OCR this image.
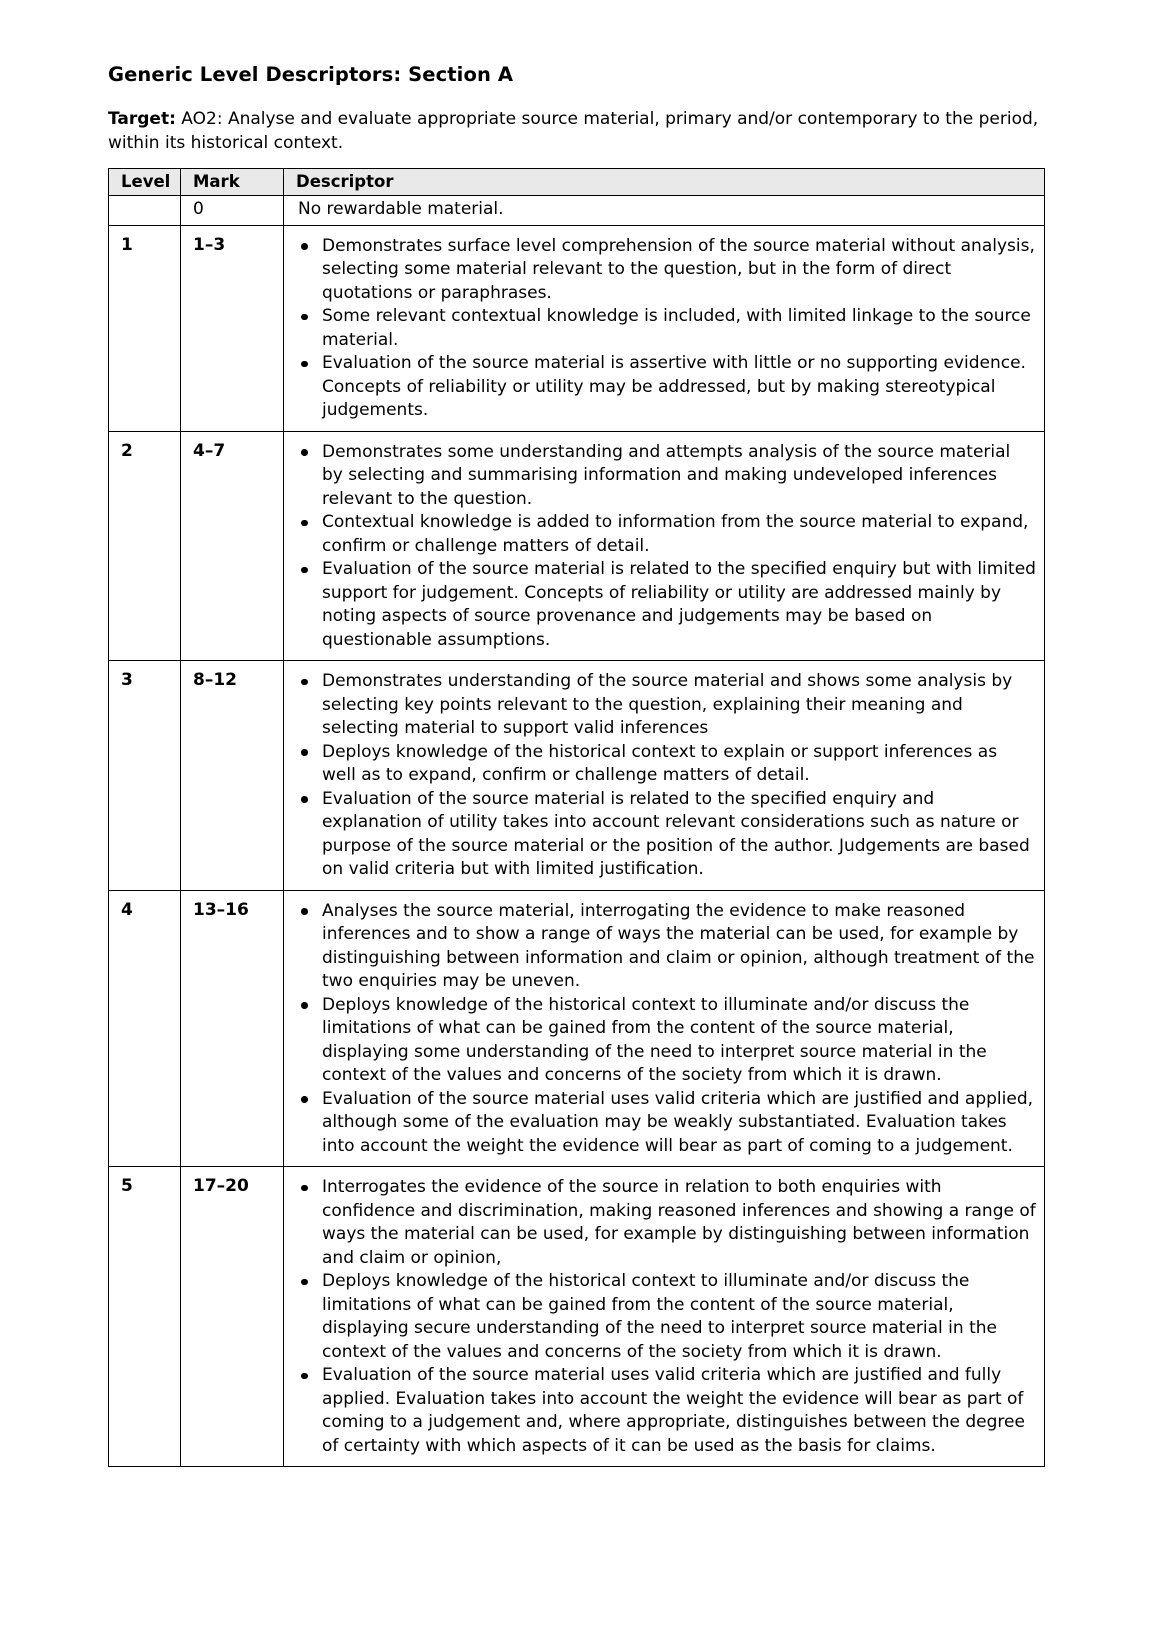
Generic Level Descriptors: Section A

Target: AO2: Analyse and evaluate appropriate source material, primary and/or contemporary to the period, within its historical context.

Level	Mark	Descriptor
	0	No rewardable material.
1	1–3	Demonstrates surface level comprehension of the source material without analysis, selecting some material relevant to the question, but in the form of direct quotations or paraphrases.
Some relevant contextual knowledge is included, with limited linkage to the source material.
Evaluation of the source material is assertive with little or no supporting evidence. Concepts of reliability or utility may be addressed, but by making stereotypical judgements.

2	4–7	Demonstrates some understanding and attempts analysis of the source material by selecting and summarising information and making undeveloped inferences relevant to the question.
Contextual knowledge is added to information from the source material to expand, confirm or challenge matters of detail.
Evaluation of the source material is related to the specified enquiry but with limited support for judgement. Concepts of reliability or utility are addressed mainly by noting aspects of source provenance and judgements may be based on questionable assumptions.

3	8–12	Demonstrates understanding of the source material and shows some analysis by selecting key points relevant to the question, explaining their meaning and selecting material to support valid inferences
Deploys knowledge of the historical context to explain or support inferences as well as to expand, confirm or challenge matters of detail.
Evaluation of the source material is related to the specified enquiry and explanation of utility takes into account relevant considerations such as nature or purpose of the source material or the position of the author. Judgements are based on valid criteria but with limited justification.

4	13–16	Analyses the source material, interrogating the evidence to make reasoned inferences and to show a range of ways the material can be used, for example by distinguishing between information and claim or opinion, although treatment of the two enquiries may be uneven.
Deploys knowledge of the historical context to illuminate and/or discuss the limitations of what can be gained from the content of the source material, displaying some understanding of the need to interpret source material in the context of the values and concerns of the society from which it is drawn.
Evaluation of the source material uses valid criteria which are justified and applied, although some of the evaluation may be weakly substantiated. Evaluation takes into account the weight the evidence will bear as part of coming to a judgement.

5	17–20	Interrogates the evidence of the source in relation to both enquiries with confidence and discrimination, making reasoned inferences and showing a range of ways the material can be used, for example by distinguishing between information and claim or opinion,
Deploys knowledge of the historical context to illuminate and/or discuss the limitations of what can be gained from the content of the source material, displaying secure understanding of the need to interpret source material in the context of the values and concerns of the society from which it is drawn.
Evaluation of the source material uses valid criteria which are justified and fully applied. Evaluation takes into account the weight the evidence will bear as part of coming to a judgement and, where appropriate, distinguishes between the degree of certainty with which aspects of it can be used as the basis for claims.
